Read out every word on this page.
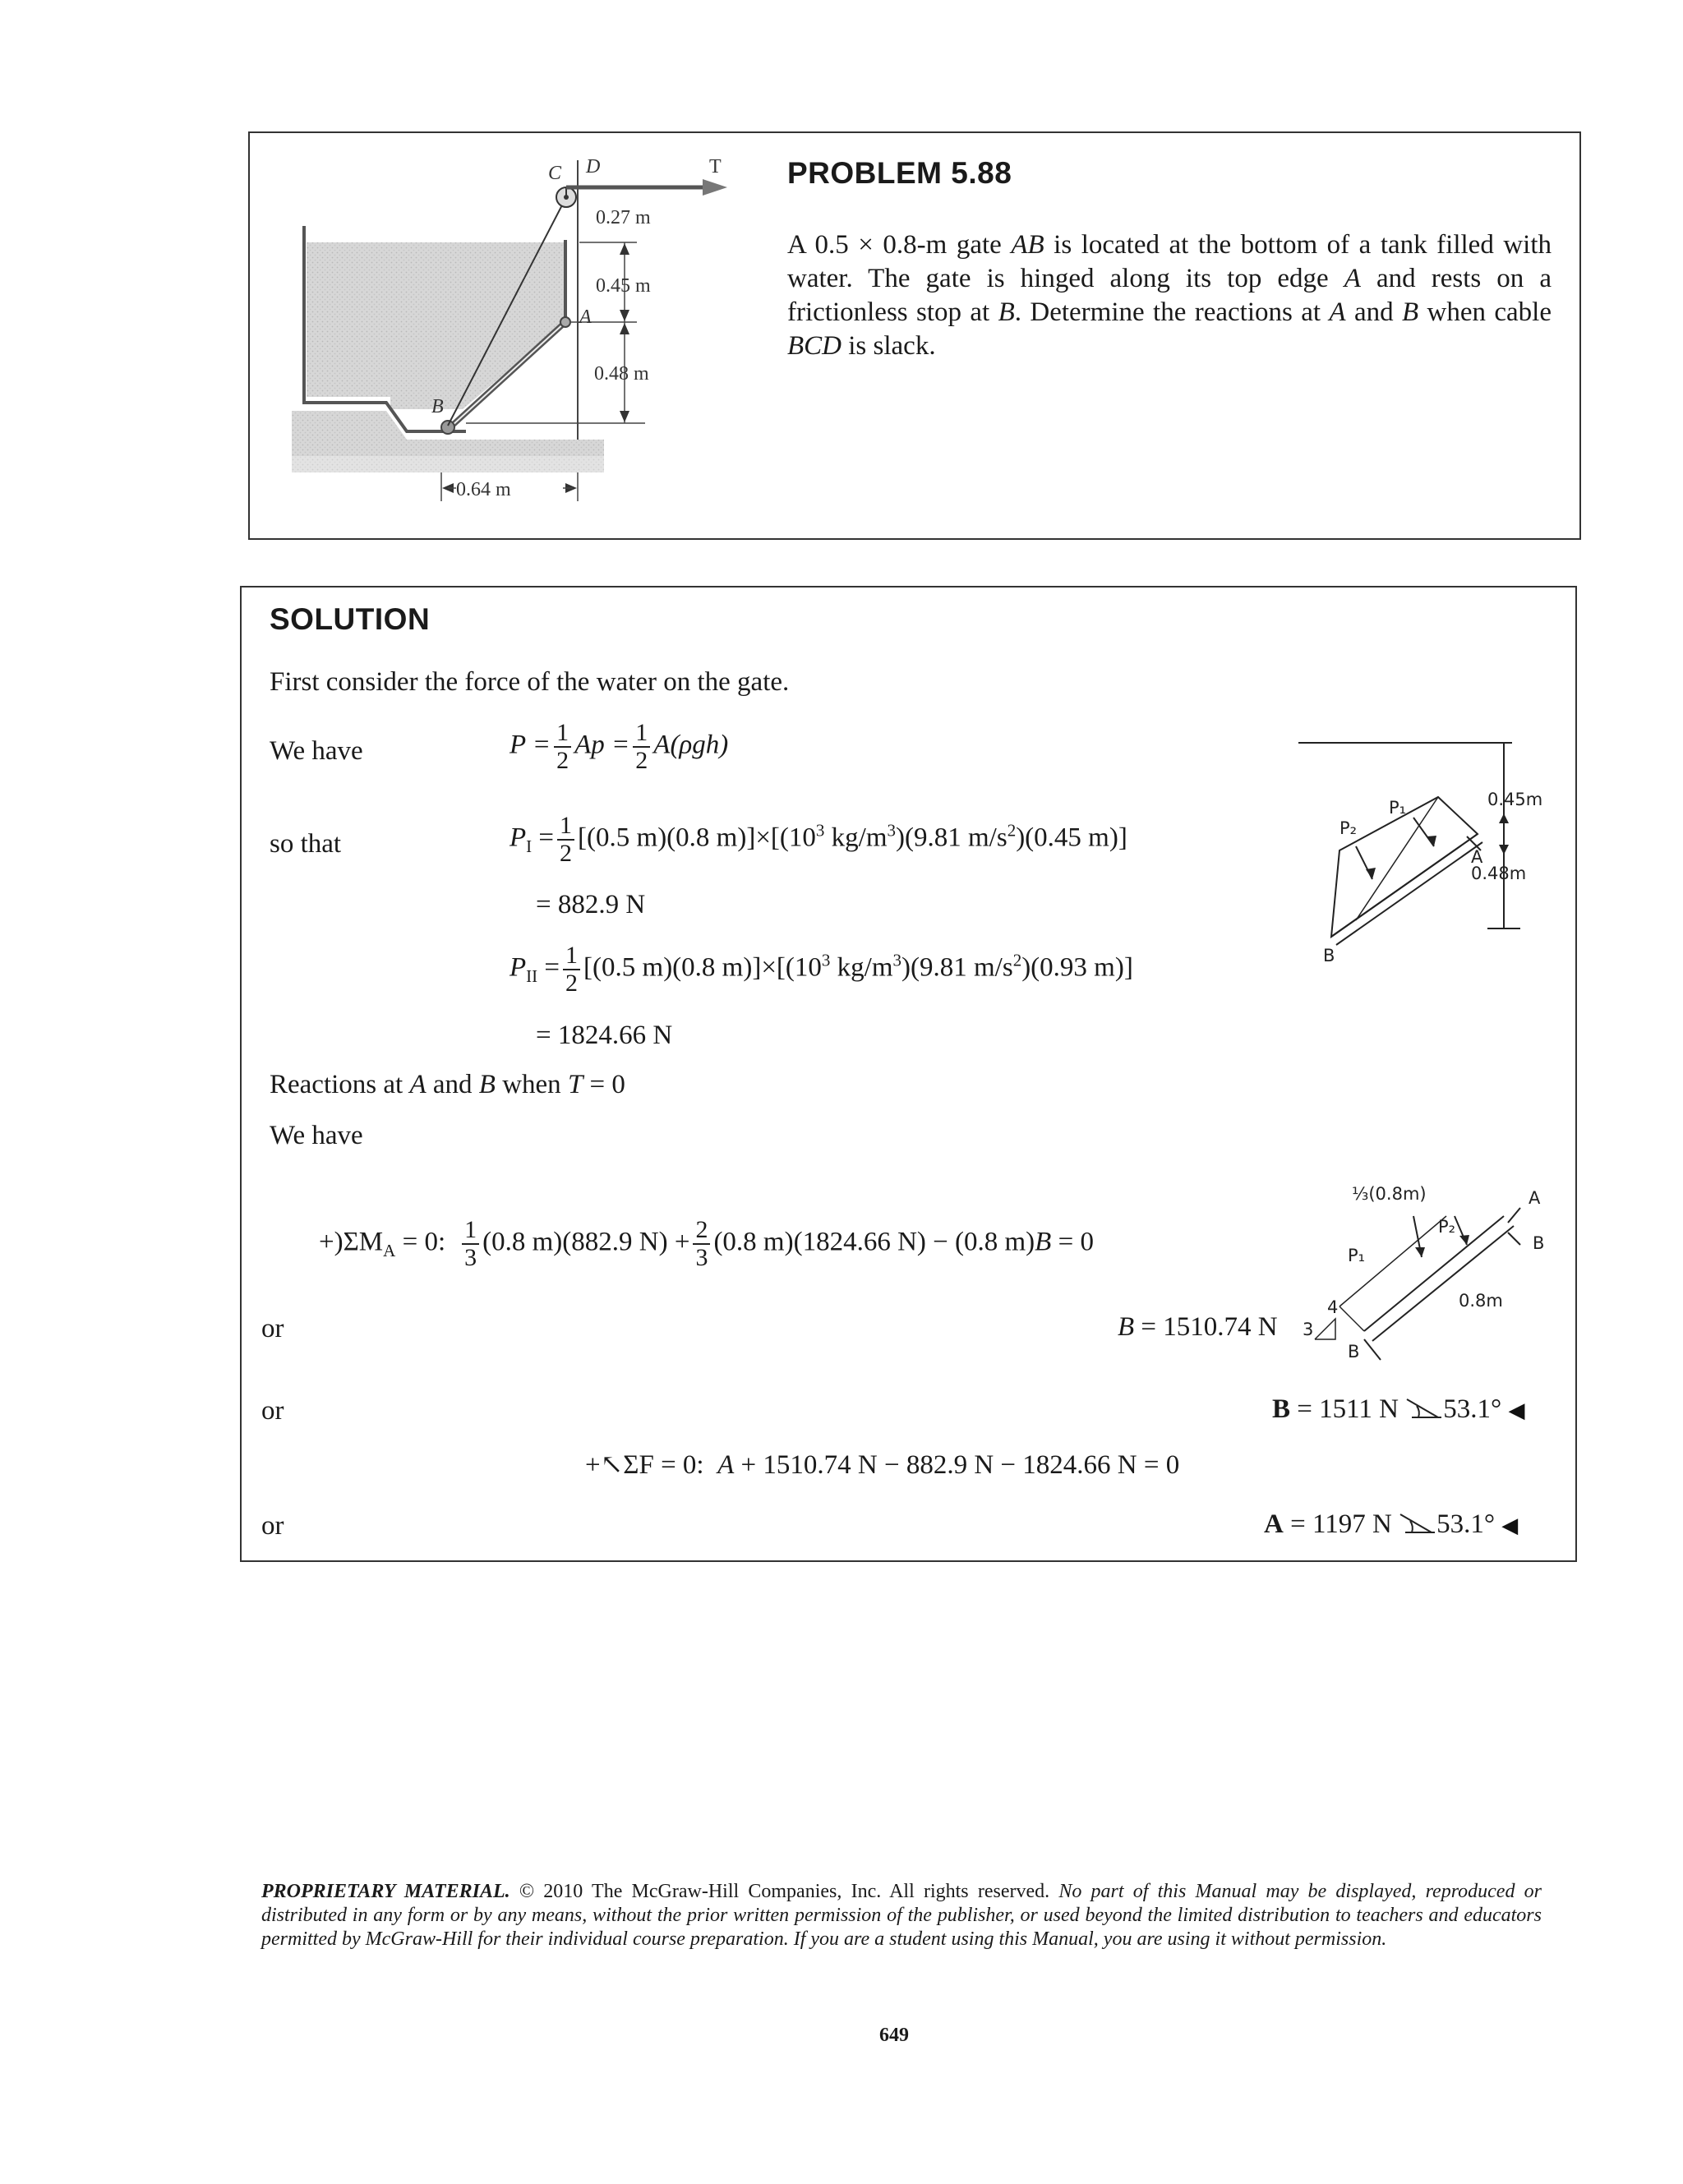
C D	T
A
B
0.27 m
0.45 m
0.48 m
0.64 m
PROBLEM 5.88
A 0.5 × 0.8-m gate AB is located at the bottom of a tank filled with water. The gate is hinged along its top edge A and rests on a frictionless stop at B. Determine the reactions at A and B when cable BCD is slack.
SOLUTION
First consider the force of the water on the gate.
We have	$P = \frac{1}{2}$ $Ap = \frac{1}{2} A(\rho gh)$
so that	$P_I = \frac{1}{2} [(0.5$ m)(0.8 $m)]\times[(10^3$ $kg/m^3)(9.81$ $m/s^2)(0.45$ m)]
= 882.9 N
$P_{II} = \frac{1}{2} [(0.5$ m)(0.8 $m)]\times[(10^3$ $kg/m^3)(9.81$ $m/s^2)(0.93$ m)]
= 1824.66 N
Reactions at A and B when T = 0
We have
$+)\Sigma M_A = 0$: $\frac{1}{3} (0.8$ m)(882.9 $N) + \frac{2}{3} (0.8$ m)(1824.66 N) − (0.8 m)B = 0
or	B = 1510.74 N
or	B = 1511 N 53.1° ◀
+↖ΣF = 0: A + 1510.74 N − 882.9 N − 1824.66 N = 0
or	A = 1197 N 53.1° ◀
P₂
P₁	0.45m
0.48m
A
B
⅓(0.8m)
P₁
P₂
A
B
0.8m
4
3
B
PROPRIETARY MATERIAL. © 2010 The McGraw-Hill Companies, Inc. All rights reserved. No part of this Manual may be displayed, reproduced or distributed in any form or by any means, without the prior written permission of the publisher, or used beyond the limited distribution to teachers and educators permitted by McGraw-Hill for their individual course preparation. If you are a student using this Manual, you are using it without permission.
649
